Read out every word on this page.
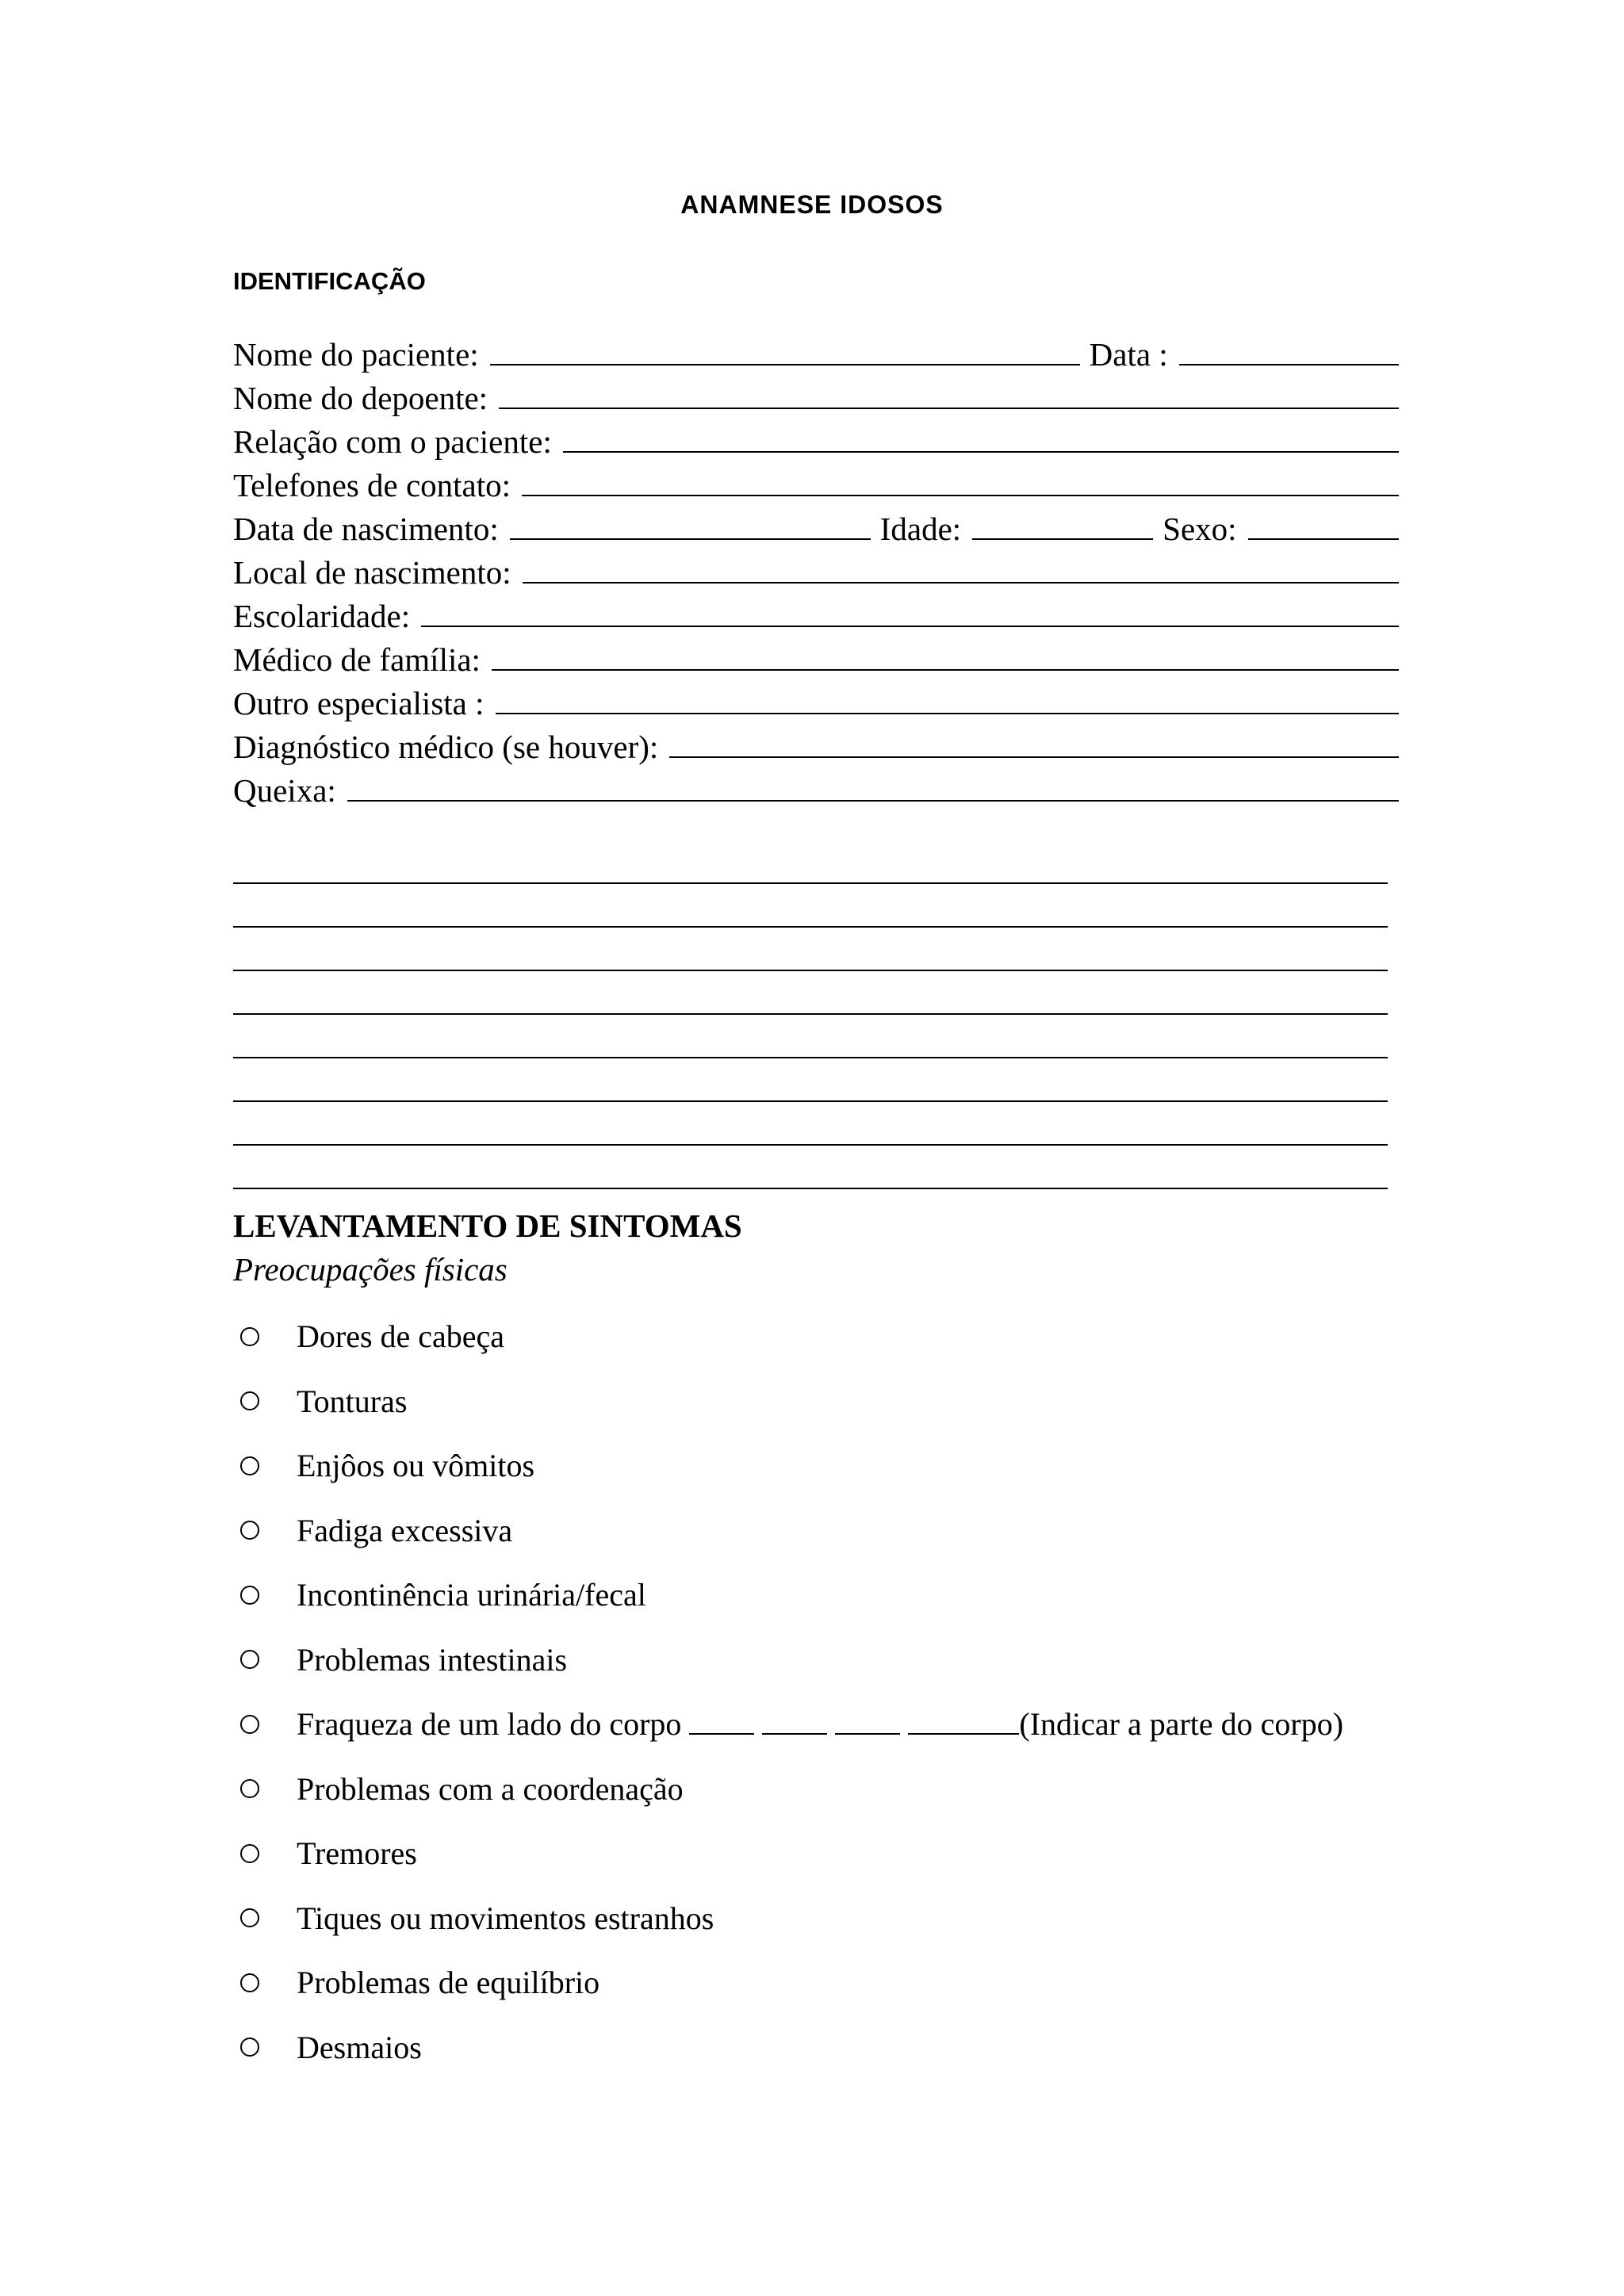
ANAMNESE IDOSOS
IDENTIFICAÇÃO
Nome do paciente:	Data :
Nome do depoente:
Relação com o paciente:
Telefones de contato:
Data de nascimento:	Idade:	Sexo:
Local de nascimento:
Escolaridade:
Médico de família:
Outro especialista :
Diagnóstico médico (se houver):
Queixa:
LEVANTAMENTO DE SINTOMAS
Preocupações físicas
Dores de cabeça
Tonturas
Enjôos ou vômitos
Fadiga excessiva
Incontinência urinária/fecal
Problemas intestinais
Fraqueza de um lado do corpo	(Indicar a parte do corpo)
Problemas com a coordenação
Tremores
Tiques ou movimentos estranhos
Problemas de equilíbrio
Desmaios
